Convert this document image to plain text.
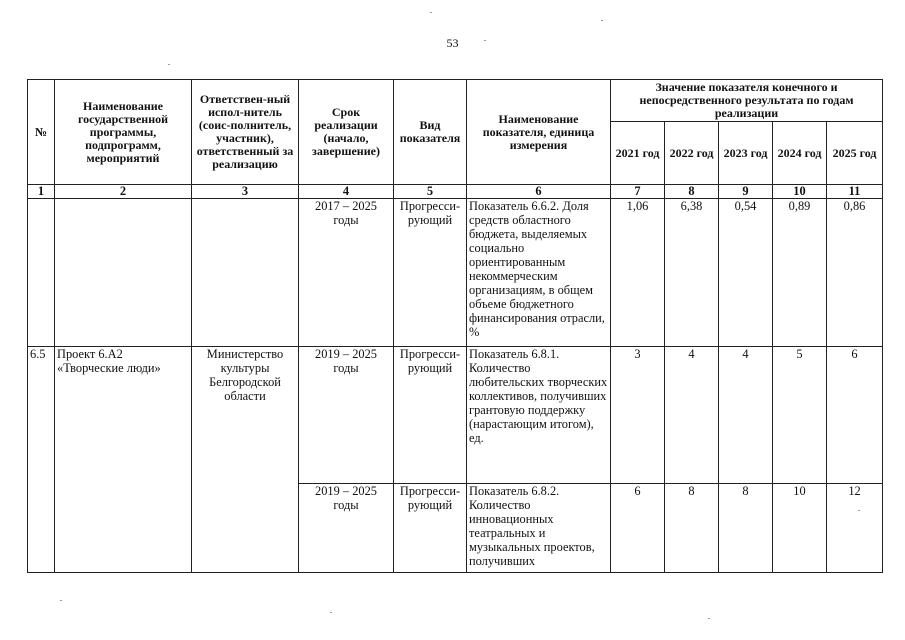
53
№	Наименование государственной программы, подпрограмм, мероприятий	Ответствен-ный испол-нитель (соис-полнитель, участник), ответственный за реализацию	Срок реализации (начало, завершение)	Вид показателя	Наименование показателя, единица измерения	Значение показателя конечного и непосредственного результата по годам реализации				
						2021 год	2022 год	2023 год	2024 год	2025 год
1	2	3	4	5	6	7	8	9	10	11
			2017 – 2025 годы	Прогресси-рующий	Показатель 6.6.2. Доля средств областного бюджета, выделяемых социально ориентированным некоммерческим организациям, в общем объеме бюджетного финансирования отрасли, %	1,06	6,38	0,54	0,89	0,86
6.5	Проект 6.А2 «Творческие люди»	Министерство культуры Белгородской области	2019 – 2025 годы	Прогресси-рующий	Показатель 6.8.1. Количество любительских творческих коллективов, получивших грантовую поддержку (нарастающим итогом), ед.	3	4	4	5	6
			2019 – 2025 годы	Прогресси-рующий	Показатель 6.8.2. Количество инновационных театральных и музыкальных проектов, получивших	6	8	8	10	12
